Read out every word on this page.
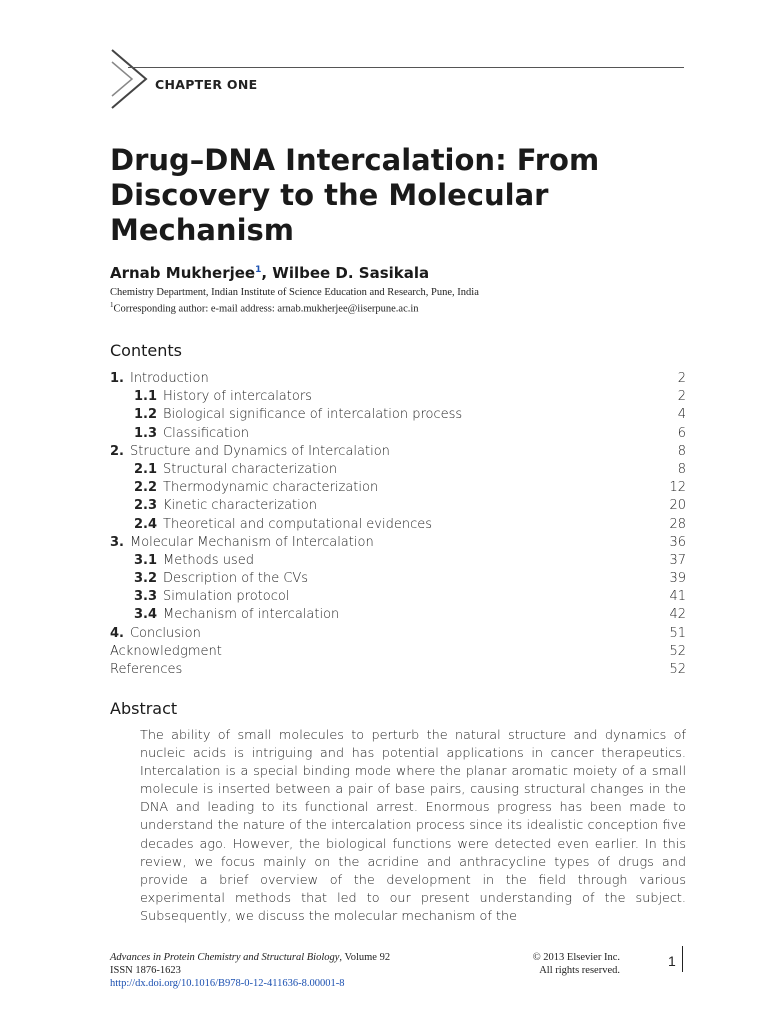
CHAPTER ONE
Drug–DNA Intercalation: From Discovery to the Molecular Mechanism
Arnab Mukherjee$^1$, Wilbee D. Sasikala
Chemistry Department, Indian Institute of Science Education and Research, Pune, India
$^1$Corresponding author: e-mail address: arnab.mukherjee@iiserpune.ac.in
Contents
1. Introduction	2
1.1 History of intercalators	2
1.2 Biological significance of intercalation process	4
1.3 Classification	6
2. Structure and Dynamics of Intercalation	8
2.1 Structural characterization	8
2.2 Thermodynamic characterization	12
2.3 Kinetic characterization	20
2.4 Theoretical and computational evidences	28
3. Molecular Mechanism of Intercalation	36
3.1 Methods used	37
3.2 Description of the CVs	39
3.3 Simulation protocol	41
3.4 Mechanism of intercalation	42
4. Conclusion	51
Acknowledgment	52
References	52
Abstract
The ability of small molecules to perturb the natural structure and dynamics of nucleic acids is intriguing and has potential applications in cancer therapeutics. Intercalation is a special binding mode where the planar aromatic moiety of a small molecule is inserted between a pair of base pairs, causing structural changes in the DNA and leading to its functional arrest. Enormous progress has been made to understand the nature of the intercalation process since its idealistic conception five decades ago. However, the biological functions were detected even earlier. In this review, we focus mainly on the acridine and anthracycline types of drugs and provide a brief overview of the development in the field through various experimental methods that led to our present understanding of the subject. Subsequently, we discuss the molecular mechanism of the
Advances in Protein Chemistry and Structural Biology, Volume 92
ISSN 1876-1623
http://dx.doi.org/10.1016/B978-0-12-411636-8.00001-8
© 2013 Elsevier Inc.
All rights reserved.
1
